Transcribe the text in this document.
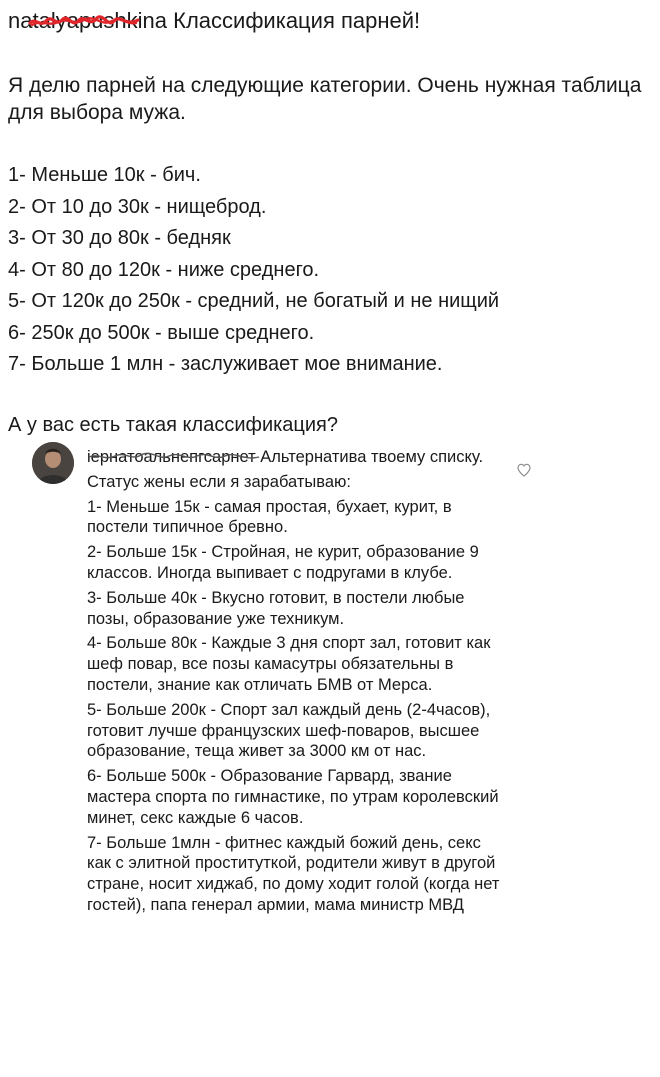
natalyapushkina Классификация парней!

Я делю парней на следующие категории. Очень нужная таблица для выбора мужа.

1- Меньше 10к - бич.
2- От 10 до 30к - нищеброд.
3- От 30 до 80к - бедняк
4- От 80 до 120к - ниже среднего.
5- От 120к до 250к - средний, не богатый и не нищий
6- 250к до 500к - выше среднего.
7- Больше 1 млн - заслуживает мое внимание.

А у вас есть такая классификация?

іернатоальнепгсарнет Альтернатива твоему списку.

Статус жены если я зарабатываю:

1- Меньше 15к - самая простая, бухает, курит, в постели типичное бревно.
2- Больше 15к - Стройная, не курит, образование 9 классов. Иногда выпивает с подругами в клубе.
3- Больше 40к - Вкусно готовит, в постели любые позы, образование уже техникум.
4- Больше 80к - Каждые 3 дня спорт зал, готовит как шеф повар, все позы камасутры обязательны в постели, знание как отличать БМВ от Мерса.
5- Больше 200к - Спорт зал каждый день (2-4часов), готовит лучше французских шеф-поваров, высшее образование, теща живет за 3000 км от нас.
6- Больше 500к - Образование Гарвард, звание мастера спорта по гимнастике, по утрам королевский минет, секс каждые 6 часов.
7- Больше 1млн - фитнес каждый божий день, секс как с элитной проституткой, родители живут в другой стране, носит хиджаб, по дому ходит голой (когда нет гостей), папа генерал армии, мама министр МВД
